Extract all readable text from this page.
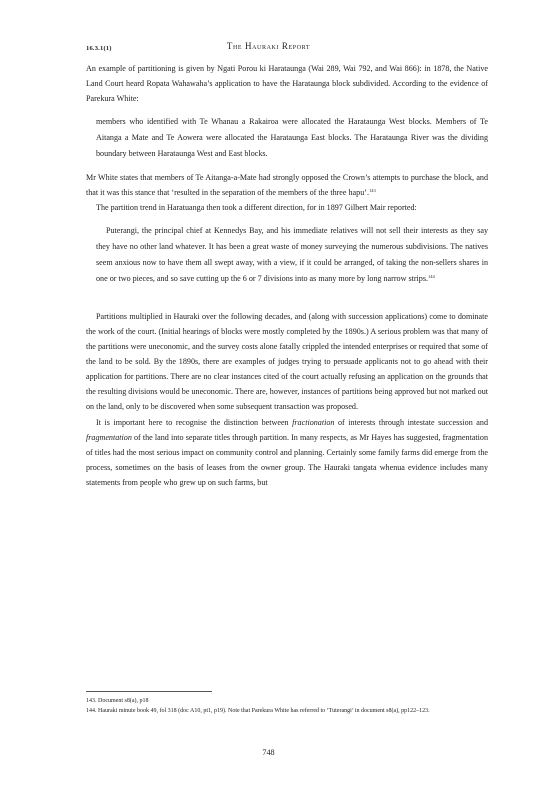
16.3.1(1)	The Hauraki Report

An example of partitioning is given by Ngati Porou ki Harataunga (Wai 289, Wai 792, and Wai 866): in 1878, the Native Land Court heard Ropata Wahawaha’s application to have the Harataunga block subdivided. According to the evidence of Parekura White:

members who identified with Te Whanau a Rakairoa were allocated the Harataunga West blocks. Members of Te Aitanga a Mate and Te Aowera were allocated the Harataunga East blocks. The Harataunga River was the dividing boundary between Harataunga West and East blocks.

Mr White states that members of Te Aitanga-a-Mate had strongly opposed the Crown’s attempts to purchase the block, and that it was this stance that ‘resulted in the separation of the members of the three hapu’.$^{143}$

The partition trend in Haratuanga then took a different direction, for in 1897 Gilbert Mair reported:

Puterangi, the principal chief at Kennedys Bay, and his immediate relatives will not sell their interests as they say they have no other land whatever. It has been a great waste of money surveying the numerous subdivisions. The natives seem anxious now to have them all swept away, with a view, if it could be arranged, of taking the non-sellers shares in one or two pieces, and so save cutting up the 6 or 7 divisions into as many more by long narrow strips.$^{144}$

Partitions multiplied in Hauraki over the following decades, and (along with succession applications) come to dominate the work of the court. (Initial hearings of blocks were mostly completed by the 1890s.) A serious problem was that many of the partitions were uneconomic, and the survey costs alone fatally crippled the intended enterprises or required that some of the land to be sold. By the 1890s, there are examples of judges trying to persuade applicants not to go ahead with their application for partitions. There are no clear instances cited of the court actually refusing an application on the grounds that the resulting divisions would be uneconomic. There are, however, instances of partitions being approved but not marked out on the land, only to be discovered when some subsequent transaction was proposed.

It is important here to recognise the distinction between fractionation of interests through intestate succession and fragmentation of the land into separate titles through partition. In many respects, as Mr Hayes has suggested, fragmentation of titles had the most serious impact on community control and planning. Certainly some family farms did emerge from the process, sometimes on the basis of leases from the owner group. The Hauraki tangata whenua evidence includes many statements from people who grew up on such farms, but

143. Document s8(a), p18
144. Hauraki minute book 49, fol 318 (doc A10, pt1, p19). Note that Parekura White has referred to ‘Tuterangi’ in document s8(a), pp122–123.
748
